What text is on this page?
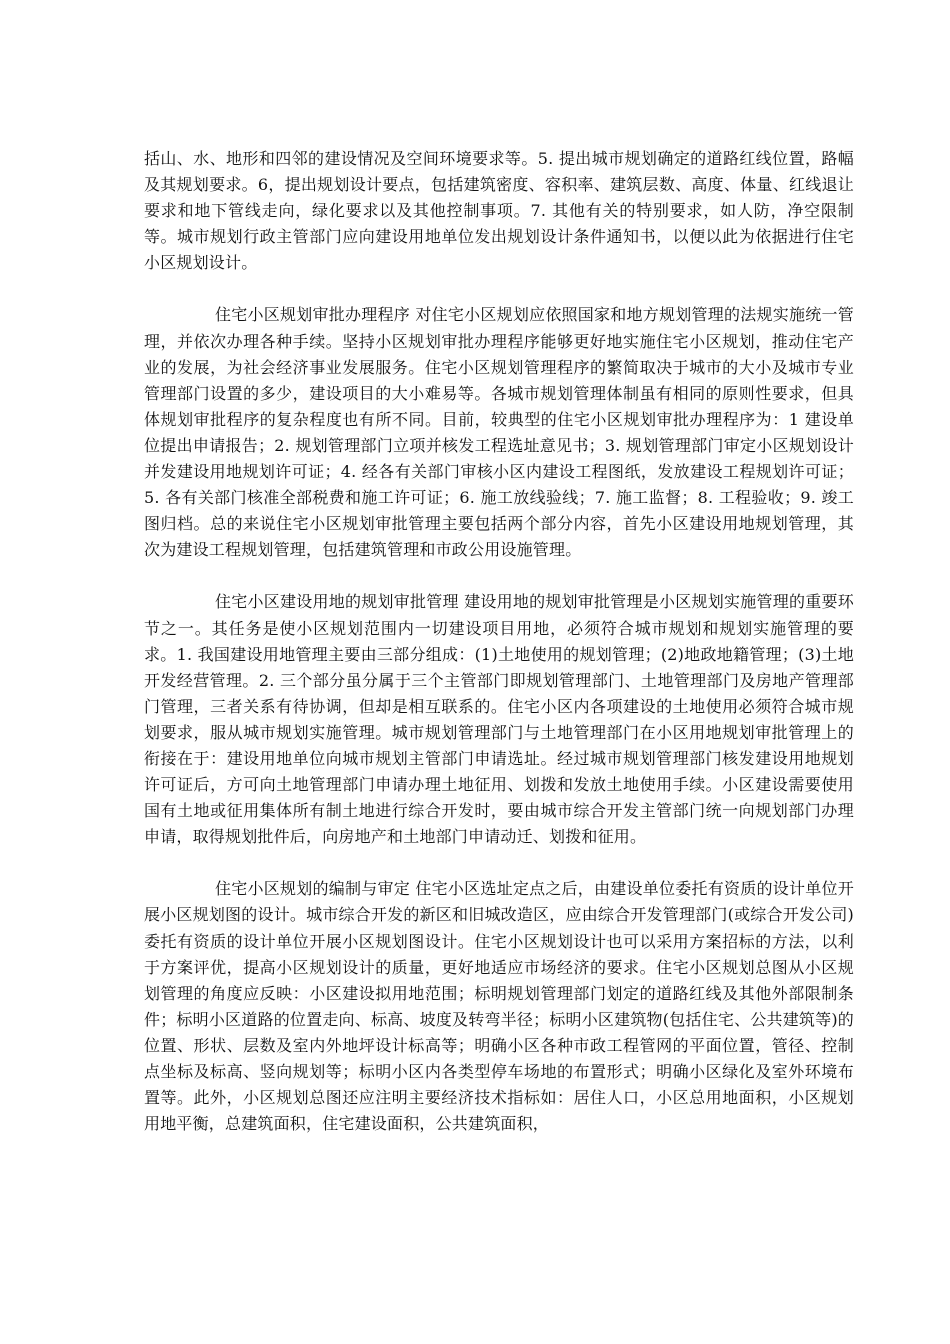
括山、水、地形和四邻的建设情况及空间环境要求等。5. 提出城市规划确定的道路红线位置，路幅及其规划要求。6，提出规划设计要点，包括建筑密度、容积率、建筑层数、高度、体量、红线退让要求和地下管线走向，绿化要求以及其他控制事项。7. 其他有关的特别要求，如人防，净空限制等。城市规划行政主管部门应向建设用地单位发出规划设计条件通知书，以便以此为依据进行住宅小区规划设计。

住宅小区规划审批办理程序 对住宅小区规划应依照国家和地方规划管理的法规实施统一管理，并依次办理各种手续。坚持小区规划审批办理程序能够更好地实施住宅小区规划，推动住宅产业的发展，为社会经济事业发展服务。住宅小区规划管理程序的繁简取决于城市的大小及城市专业管理部门设置的多少，建设项目的大小难易等。各城市规划管理体制虽有相同的原则性要求，但具体规划审批程序的复杂程度也有所不同。目前，较典型的住宅小区规划审批办理程序为：1 建设单位提出申请报告；2. 规划管理部门立项并核发工程选址意见书；3. 规划管理部门审定小区规划设计并发建设用地规划许可证；4. 经各有关部门审核小区内建设工程图纸，发放建设工程规划许可证；5. 各有关部门核准全部税费和施工许可证；6. 施工放线验线；7. 施工监督；8. 工程验收；9. 竣工图归档。总的来说住宅小区规划审批管理主要包括两个部分内容，首先小区建设用地规划管理，其次为建设工程规划管理，包括建筑管理和市政公用设施管理。

住宅小区建设用地的规划审批管理 建设用地的规划审批管理是小区规划实施管理的重要环节之一。其任务是使小区规划范围内一切建设项目用地，必须符合城市规划和规划实施管理的要求。1. 我国建设用地管理主要由三部分组成：(1)土地使用的规划管理；(2)地政地籍管理；(3)土地开发经营管理。2. 三个部分虽分属于三个主管部门即规划管理部门、土地管理部门及房地产管理部门管理，三者关系有待协调，但却是相互联系的。住宅小区内各项建设的土地使用必须符合城市规划要求，服从城市规划实施管理。城市规划管理部门与土地管理部门在小区用地规划审批管理上的衔接在于：建设用地单位向城市规划主管部门申请选址。经过城市规划管理部门核发建设用地规划许可证后，方可向土地管理部门申请办理土地征用、划拨和发放土地使用手续。小区建设需要使用国有土地或征用集体所有制土地进行综合开发时，要由城市综合开发主管部门统一向规划部门办理申请，取得规划批件后，向房地产和土地部门申请动迁、划拨和征用。

住宅小区规划的编制与审定 住宅小区选址定点之后，由建设单位委托有资质的设计单位开展小区规划图的设计。城市综合开发的新区和旧城改造区，应由综合开发管理部门(或综合开发公司)委托有资质的设计单位开展小区规划图设计。住宅小区规划设计也可以采用方案招标的方法，以利于方案评优，提高小区规划设计的质量，更好地适应市场经济的要求。住宅小区规划总图从小区规划管理的角度应反映：小区建设拟用地范围；标明规划管理部门划定的道路红线及其他外部限制条件；标明小区道路的位置走向、标高、坡度及转弯半径；标明小区建筑物(包括住宅、公共建筑等)的位置、形状、层数及室内外地坪设计标高等；明确小区各种市政工程管网的平面位置，管径、控制点坐标及标高、竖向规划等；标明小区内各类型停车场地的布置形式；明确小区绿化及室外环境布置等。此外，小区规划总图还应注明主要经济技术指标如：居住人口，小区总用地面积，小区规划用地平衡，总建筑面积，住宅建设面积，公共建筑面积，
